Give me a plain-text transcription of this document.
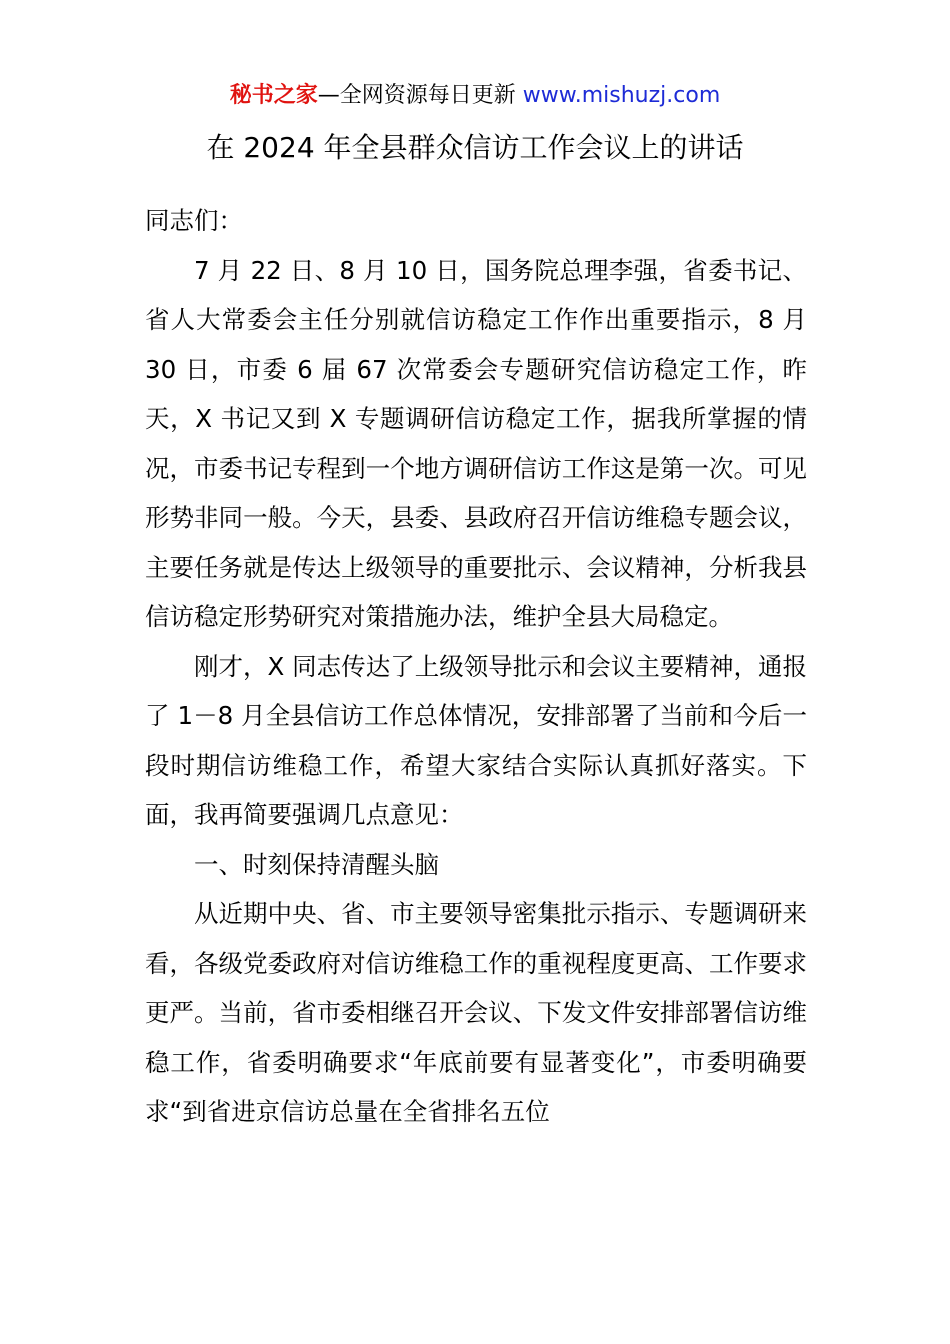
秘书之家—全网资源每日更新 www.mishuzj.com
在 2024 年全县群众信访工作会议上的讲话

同志们：

7 月 22 日、8 月 10 日，国务院总理李强，省委书记、省人大常委会主任分别就信访稳定工作作出重要指示，8 月 30 日，市委 6 届 67 次常委会专题研究信访稳定工作，昨天，X 书记又到 X 专题调研信访稳定工作，据我所掌握的情况，市委书记专程到一个地方调研信访工作这是第一次。可见形势非同一般。今天，县委、县政府召开信访维稳专题会议，主要任务就是传达上级领导的重要批示、会议精神，分析我县信访稳定形势研究对策措施办法，维护全县大局稳定。

刚才，X 同志传达了上级领导批示和会议主要精神，通报了 1－8 月全县信访工作总体情况，安排部署了当前和今后一段时期信访维稳工作，希望大家结合实际认真抓好落实。下面，我再简要强调几点意见：

一、时刻保持清醒头脑

从近期中央、省、市主要领导密集批示指示、专题调研来看，各级党委政府对信访维稳工作的重视程度更高、工作要求更严。当前，省市委相继召开会议、下发文件安排部署信访维稳工作，省委明确要求“年底前要有显著变化”，市委明确要求“到省进京信访总量在全省排名五位
